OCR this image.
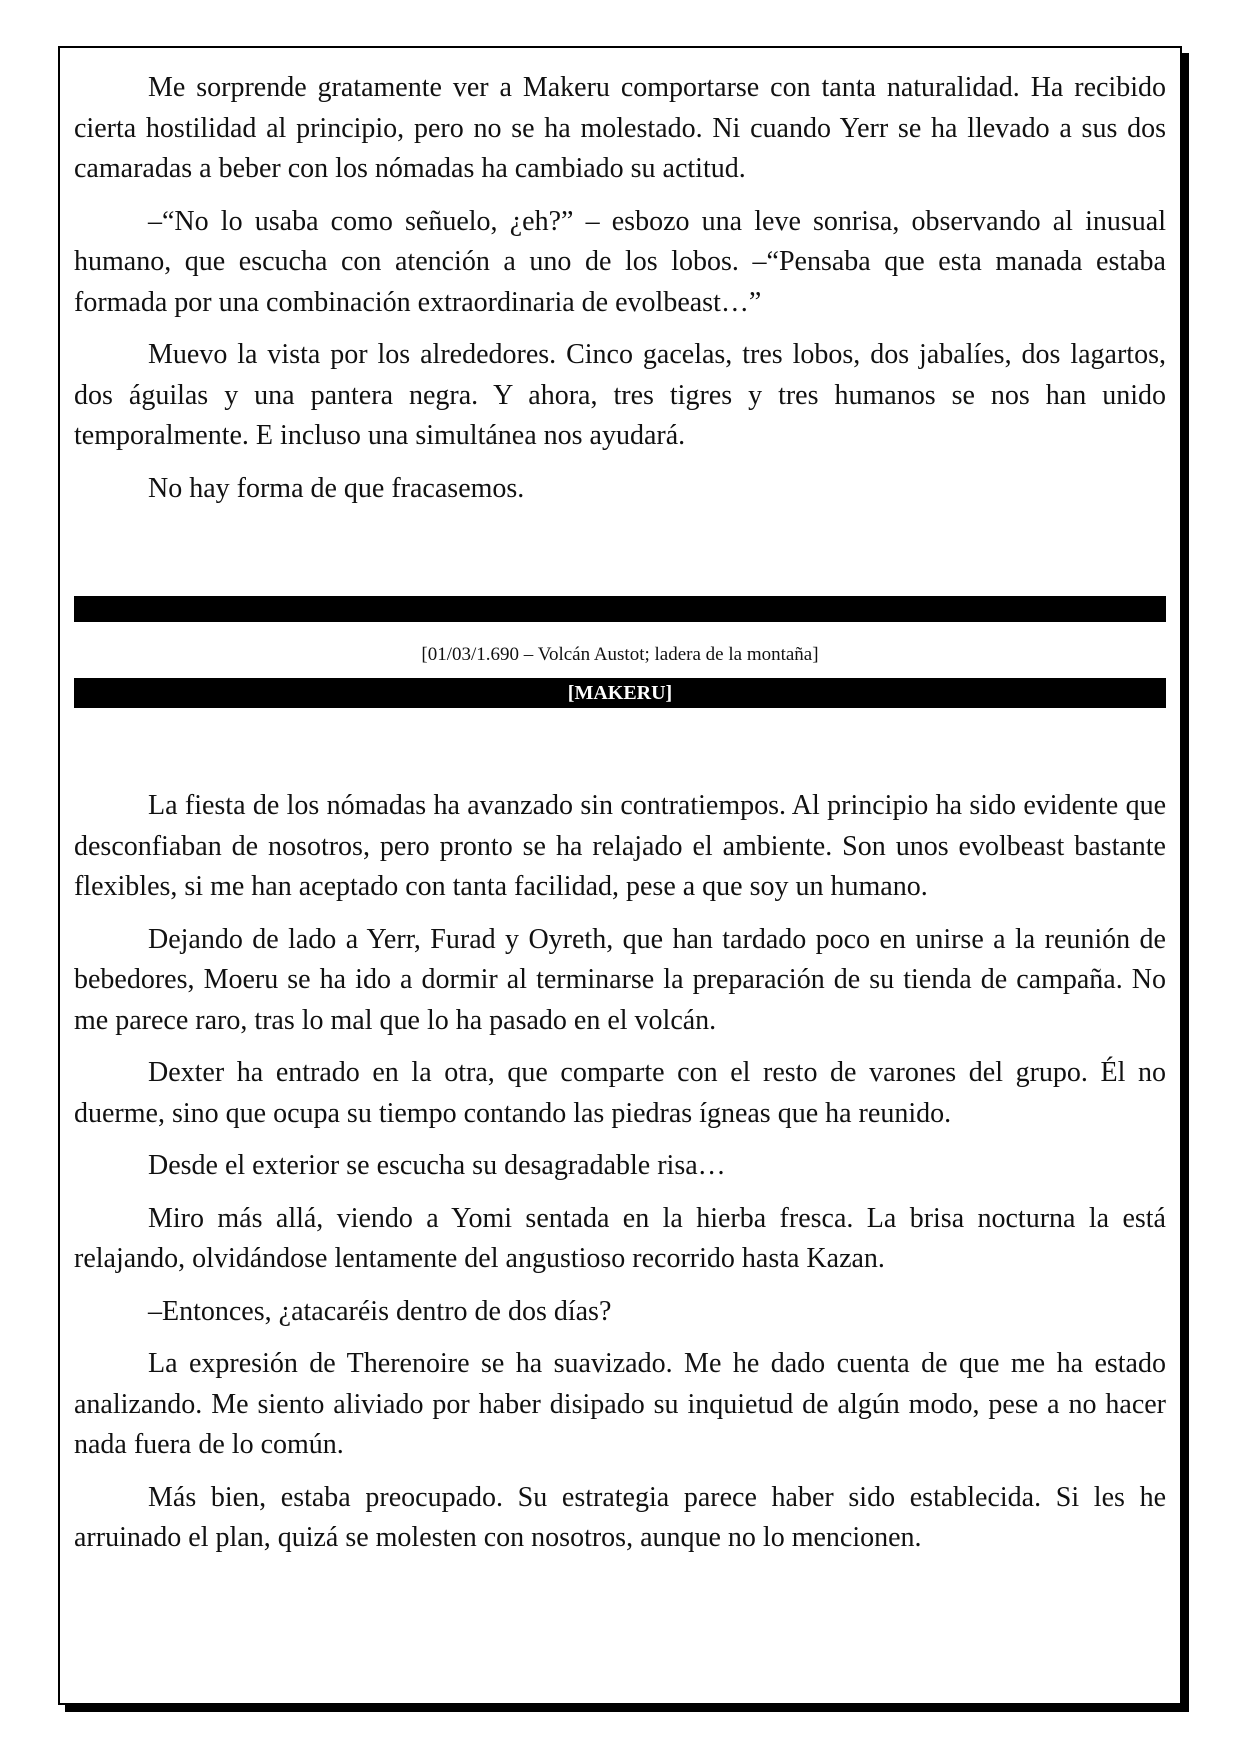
Me sorprende gratamente ver a Makeru comportarse con tanta naturalidad. Ha recibido cierta hostilidad al principio, pero no se ha molestado. Ni cuando Yerr se ha llevado a sus dos camaradas a beber con los nómadas ha cambiado su actitud.

–“No lo usaba como señuelo, ¿eh?” – esbozo una leve sonrisa, observando al inusual humano, que escucha con atención a uno de los lobos. –“Pensaba que esta manada estaba formada por una combinación extraordinaria de evolbeast…”

Muevo la vista por los alrededores. Cinco gacelas, tres lobos, dos jabalíes, dos lagartos, dos águilas y una pantera negra. Y ahora, tres tigres y tres humanos se nos han unido temporalmente. E incluso una simultánea nos ayudará.

No hay forma de que fracasemos.

[01/03/1.690 – Volcán Austot; ladera de la montaña]
[MAKERU]

La fiesta de los nómadas ha avanzado sin contratiempos. Al principio ha sido evidente que desconfiaban de nosotros, pero pronto se ha relajado el ambiente. Son unos evolbeast bastante flexibles, si me han aceptado con tanta facilidad, pese a que soy un humano.

Dejando de lado a Yerr, Furad y Oyreth, que han tardado poco en unirse a la reunión de bebedores, Moeru se ha ido a dormir al terminarse la preparación de su tienda de campaña. No me parece raro, tras lo mal que lo ha pasado en el volcán.

Dexter ha entrado en la otra, que comparte con el resto de varones del grupo. Él no duerme, sino que ocupa su tiempo contando las piedras ígneas que ha reunido.

Desde el exterior se escucha su desagradable risa…

Miro más allá, viendo a Yomi sentada en la hierba fresca. La brisa nocturna la está relajando, olvidándose lentamente del angustioso recorrido hasta Kazan.

–Entonces, ¿atacaréis dentro de dos días?

La expresión de Therenoire se ha suavizado. Me he dado cuenta de que me ha estado analizando. Me siento aliviado por haber disipado su inquietud de algún modo, pese a no hacer nada fuera de lo común.

Más bien, estaba preocupado. Su estrategia parece haber sido establecida. Si les he arruinado el plan, quizá se molesten con nosotros, aunque no lo mencionen.
